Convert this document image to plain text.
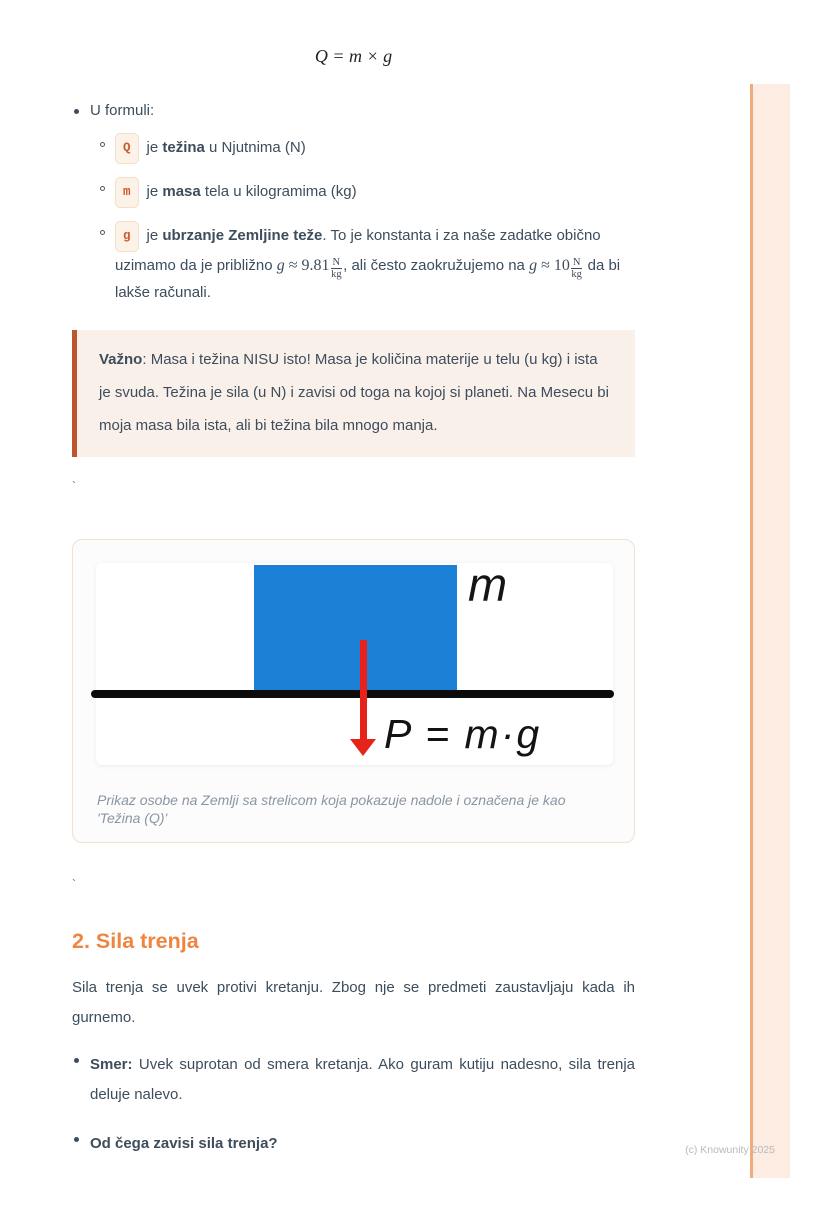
Q = m × g
U formuli:
Q je težina u Njutnima (N)
m je masa tela u kilogramima (kg)
g je ubrzanje Zemljine teže. To je konstanta i za naše zadatke obično uzimamo da je približno $g \approx 9.81 \frac{N}{kg}$ , ali često zaokružujemo na $g \approx 10 \frac{N}{kg}$ da bi lakše računali.
Važno: Masa i težina NISU isto! Masa je količina materije u telu (u kg) i ista je svuda. Težina je sila (u N) i zavisi od toga na kojoj si planeti. Na Mesecu bi moja masa bila ista, ali bi težina bila mnogo manja.
`
m
P = m·g
Prikaz osobe na Zemlji sa strelicom koja pokazuje nadole i označena je kao 'Težina (Q)'
`
2. Sila trenja

Sila trenja se uvek protivi kretanju. Zbog nje se predmeti zaustavljaju kada ih gurnemo.

Smer: Uvek suprotan od smera kretanja. Ako guram kutiju nadesno, sila trenja deluje nalevo.
Od čega zavisi sila trenja?	(c) Knowunity 2025
